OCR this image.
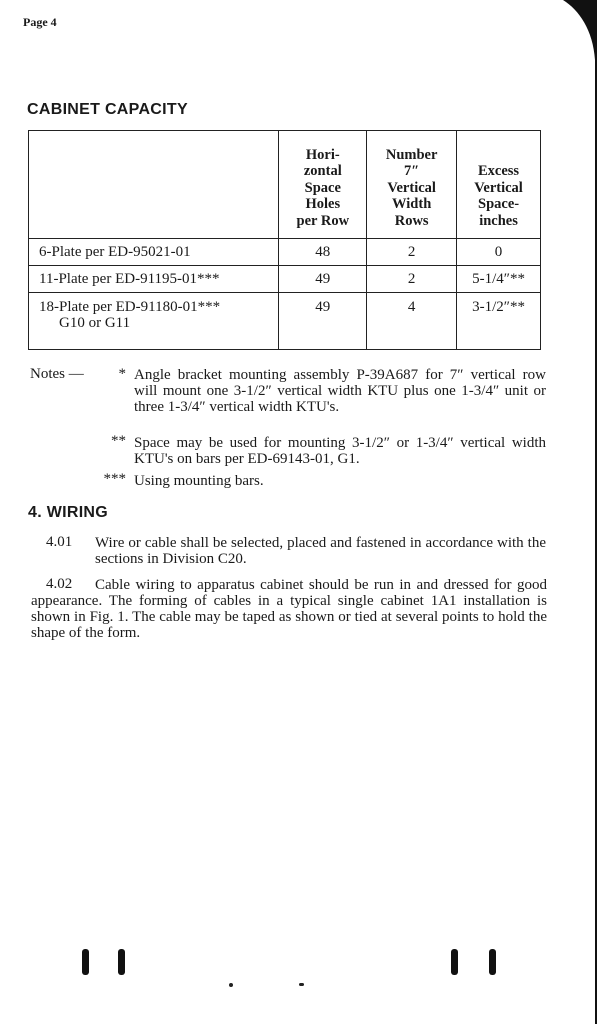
Page 4
CABINET CAPACITY

	Hori-
zontal
Space
Holes
per Row	Number
7″
Vertical
Width
Rows	Excess
Vertical
Space-
inches

6-Plate per ED-95021-01	48	2	0
11-Plate per ED-91195-01***	49	2	5-1/4″**

18-Plate per ED-91180-01***
G10 or G11	49	4	3-1/2″**
Notes —	* Angle bracket mounting assembly P-39A687 for 7″ vertical row will mount one 3-1/2″ vertical width KTU plus one 1-3/4″ unit or three 1-3/4″ vertical width KTU's.
** Space may be used for mounting 3-1/2″ or 1-3/4″ vertical width KTU's on bars per ED-69143-01, G1.
*** Using mounting bars.
4. WIRING
4.01 Wire or cable shall be selected, placed and fastened in accordance with the sections in Division C20.
4.02	Cable wiring to apparatus cabinet should be run in and dressed for good appearance. The forming of cables in a typical single cabinet 1A1 installation is shown in Fig. 1. The cable may be taped as shown or tied at several points to hold the shape of the form.
